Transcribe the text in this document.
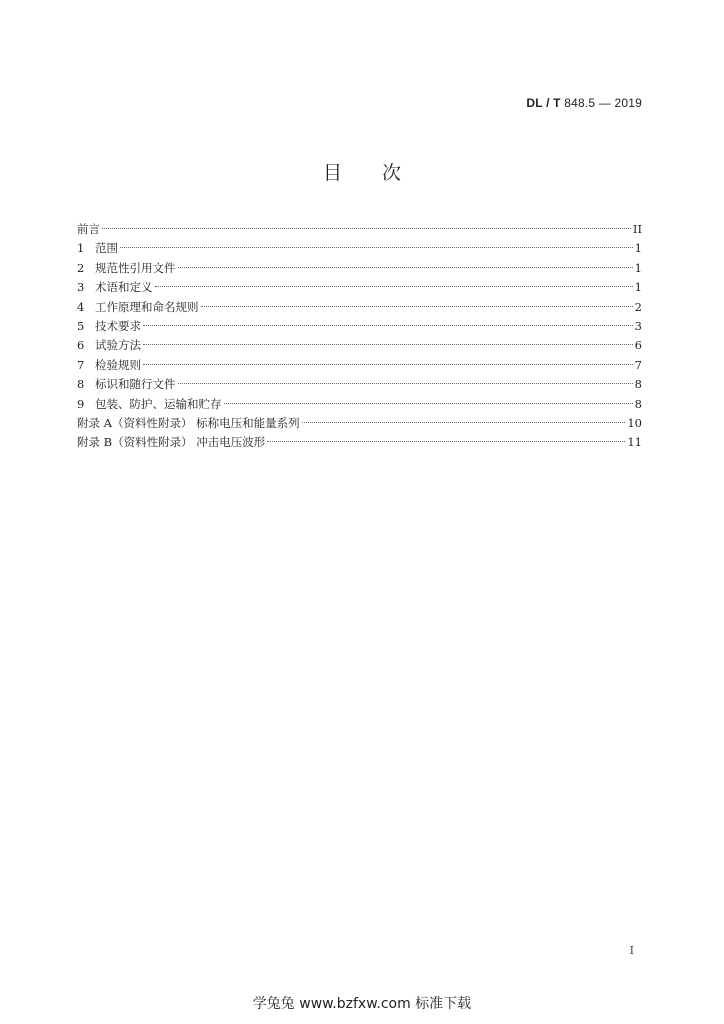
DL / T 848.5 — 2019
目 次
前言	II
1 范围	1
2 规范性引用文件	1
3 术语和定义	1
4 工作原理和命名规则	2
5 技术要求	3
6 试验方法	6
7 检验规则	7
8 标识和随行文件	8
9 包装、防护、运输和贮存	8
附录 A（资料性附录） 标称电压和能量系列	10
附录 B（资料性附录） 冲击电压波形	11
I
学兔兔 www.bzfxw.com 标准下载
